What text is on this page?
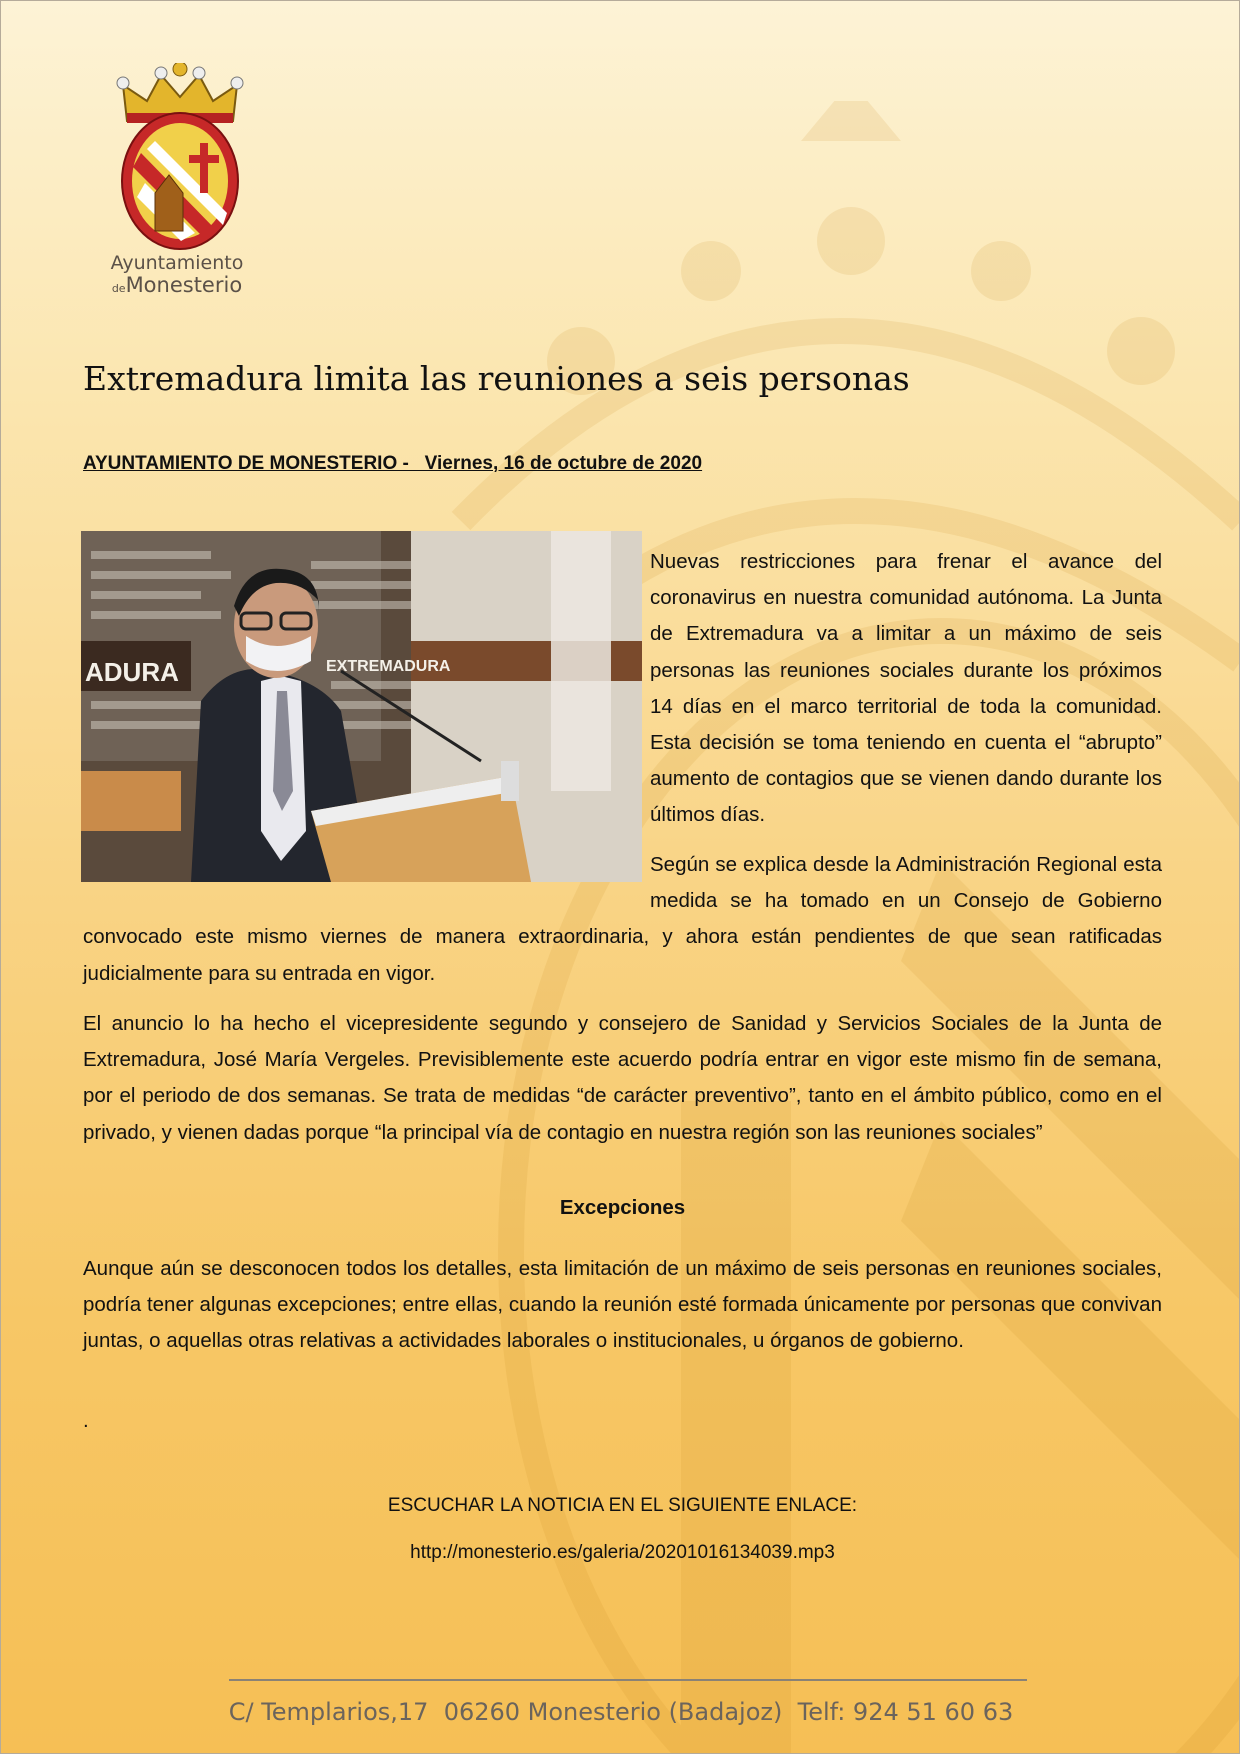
Ayuntamiento
deMonesterio
Extremadura limita las reuniones a seis personas
AYUNTAMIENTO DE MONESTERIO -   Viernes, 16 de octubre de 2020
ADURA	EXTREMADURA

Nuevas restricciones para frenar el avance del coronavirus en nuestra comunidad autónoma. La Junta de Extremadura va a limitar a un máximo de seis personas las reuniones sociales durante los próximos 14 días en el marco territorial de toda la comunidad. Esta decisión se toma teniendo en cuenta el “abrupto” aumento de contagios que se vienen dando durante los últimos días.

Según se explica desde la Administración Regional esta medida se ha tomado en un Consejo de Gobierno convocado este mismo viernes de manera extraordinaria, y ahora están pendientes de que sean ratificadas judicialmente para su entrada en vigor.

El anuncio lo ha hecho el vicepresidente segundo y consejero de Sanidad y Servicios Sociales de la Junta de Extremadura, José María Vergeles. Previsiblemente este acuerdo podría entrar en vigor este mismo fin de semana, por el periodo de dos semanas. Se trata de medidas “de carácter preventivo”, tanto en el ámbito público, como en el privado, y vienen dadas porque “la principal vía de contagio en nuestra región son las reuniones sociales”

Excepciones

Aunque aún se desconocen todos los detalles, esta limitación de un máximo de seis personas en reuniones sociales, podría tener algunas excepciones; entre ellas, cuando la reunión esté formada únicamente por personas que convivan juntas, o aquellas otras relativas a actividades laborales o institucionales, u órganos de gobierno.

.
ESCUCHAR LA NOTICIA EN EL SIGUIENTE ENLACE:
http://monesterio.es/galeria/20201016134039.mp3
C/ Templarios,17  06260 Monesterio (Badajoz)  Telf: 924 51 60 63
